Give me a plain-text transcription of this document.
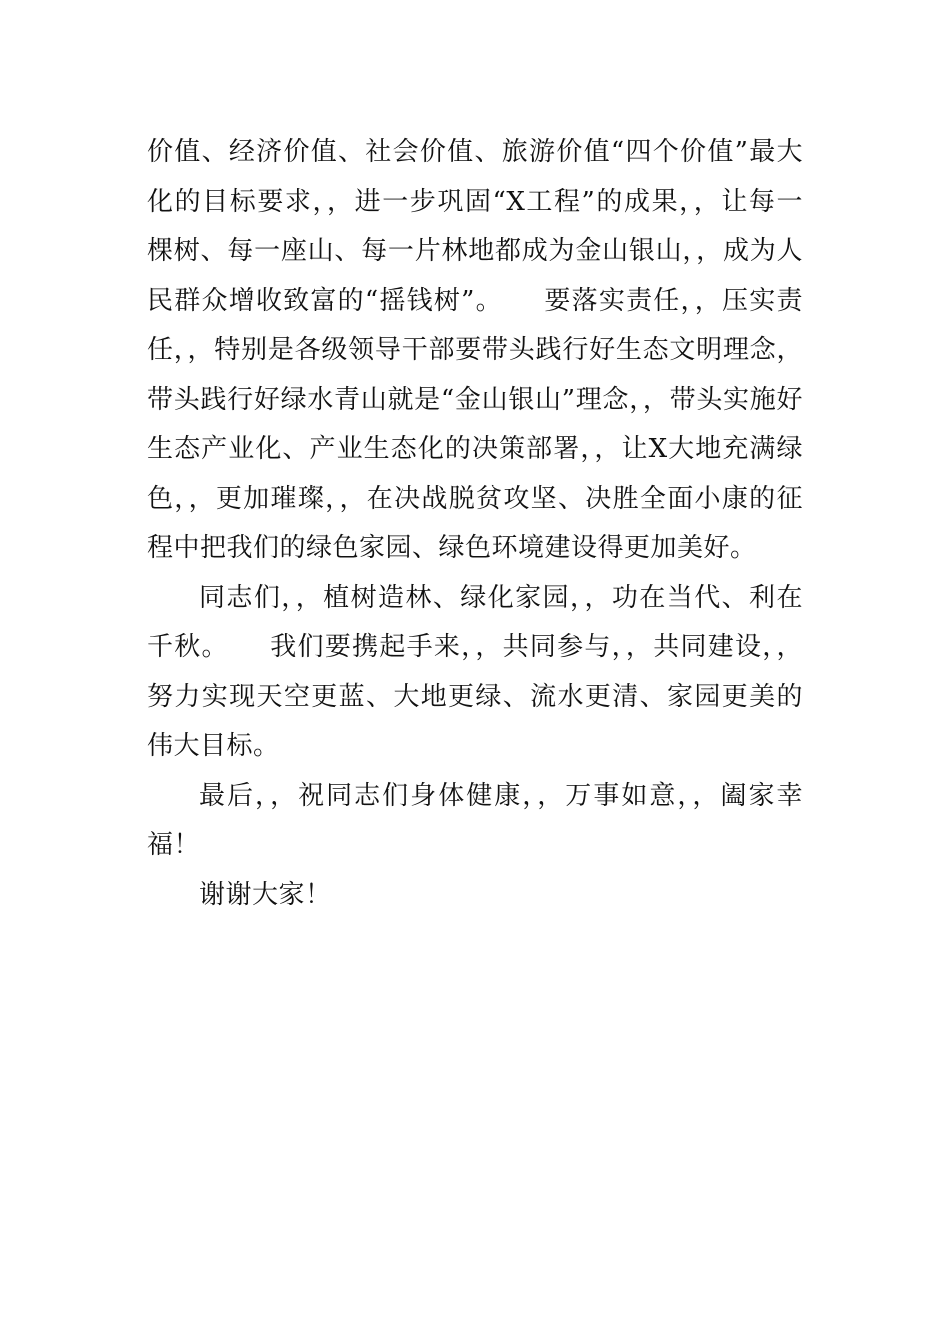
价值、经济价值、社会价值、旅游价值“四个价值”最大化的目标要求，，进一步巩固“X工程”的成果，，让每一棵树、每一座山、每一片林地都成为金山银山，，成为人民群众增收致富的“摇钱树”。　　要落实责任，，压实责任，，特别是各级领导干部要带头践行好生态文明理念，带头践行好绿水青山就是“金山银山”理念，，带头实施好生态产业化、产业生态化的决策部署，，让X大地充满绿色，，更加璀璨，，在决战脱贫攻坚、决胜全面小康的征程中把我们的绿色家园、绿色环境建设得更加美好。

同志们，，植树造林、绿化家园，，功在当代、利在千秋。　　我们要携起手来，，共同参与，，共同建设，，努力实现天空更蓝、大地更绿、流水更清、家园更美的伟大目标。

最后，，祝同志们身体健康，，万事如意，，阖家幸福！

谢谢大家！
